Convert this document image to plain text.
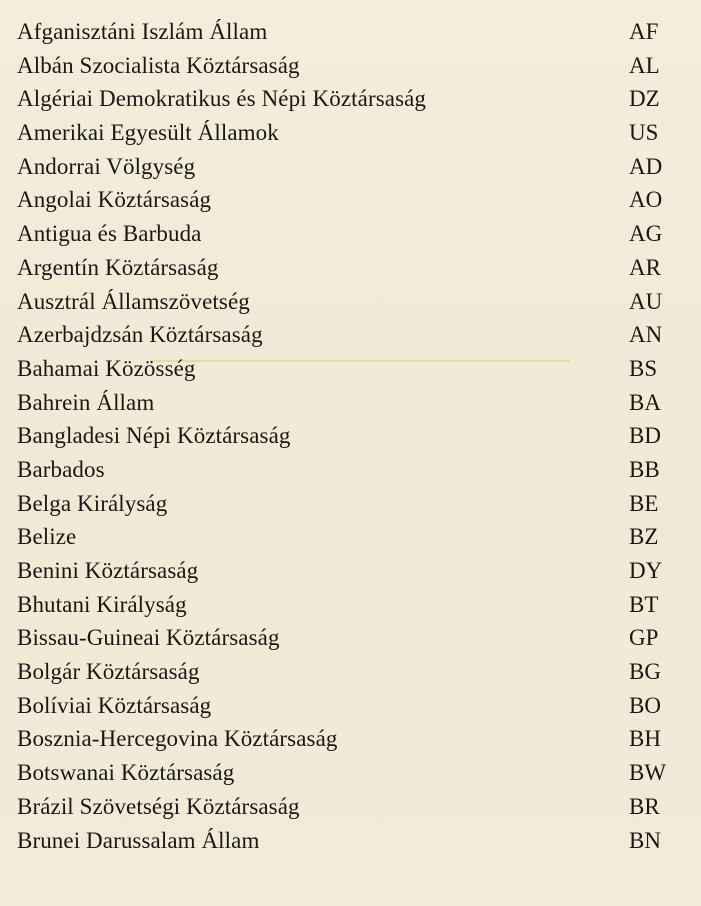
Afganisztáni Iszlám Állam	AF
Albán Szocialista Köztársaság	AL
Algériai Demokratikus és Népi Köztársaság	DZ
Amerikai Egyesült Államok	US
Andorrai Völgység	AD
Angolai Köztársaság	AO
Antigua és Barbuda	AG
Argentín Köztársaság	AR
Ausztrál Államszövetség	AU
Azerbajdzsán Köztársaság	AN
Bahamai Közösség	BS
Bahrein Állam	BA
Bangladesi Népi Köztársaság	BD
Barbados	BB
Belga Királyság	BE
Belize	BZ
Benini Köztársaság	DY
Bhutani Királyság	BT
Bissau-Guineai Köztársaság	GP
Bolgár Köztársaság	BG
Bolíviai Köztársaság	BO
Bosznia-Hercegovina Köztársaság	BH
Botswanai Köztársaság	BW
Brázil Szövetségi Köztársaság	BR
Brunei Darussalam Állam	BN
